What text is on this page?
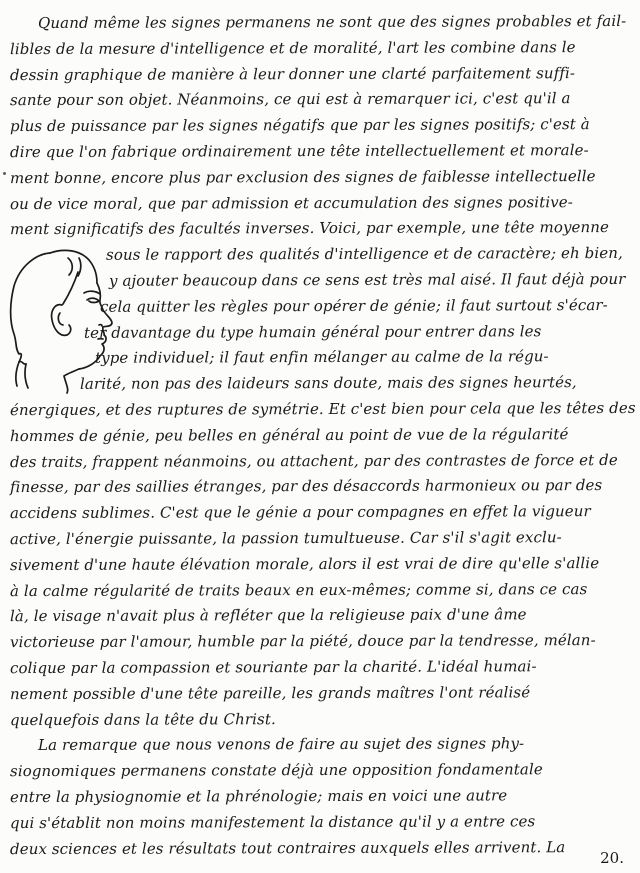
Quand même les signes permanens ne sont que des signes probables et fail-
libles de la mesure d'intelligence et de moralité, l'art les combine dans le
dessin graphique de manière à leur donner une clarté parfaitement suffi-
sante pour son objet. Néanmoins, ce qui est à remarquer ici, c'est qu'il a
plus de puissance par les signes négatifs que par les signes positifs; c'est à
dire que l'on fabrique ordinairement une tête intellectuellement et morale-
ment bonne, encore plus par exclusion des signes de faiblesse intellectuelle
ou de vice moral, que par admission et accumulation des signes positive-
ment significatifs des facultés inverses. Voici, par exemple, une tête moyenne
sous le rapport des qualités d'intelligence et de caractère; eh bien,
y ajouter beaucoup dans ce sens est très mal aisé. Il faut déjà pour
cela quitter les règles pour opérer de génie; il faut surtout s'écar-
ter davantage du type humain général pour entrer dans les
type individuel; il faut enfin mélanger au calme de la régu-
larité, non pas des laideurs sans doute, mais des signes heurtés,
énergiques, et des ruptures de symétrie. Et c'est bien pour cela que les têtes des
hommes de génie, peu belles en général au point de vue de la régularité
des traits, frappent néanmoins, ou attachent, par des contrastes de force et de
finesse, par des saillies étranges, par des désaccords harmonieux ou par des
accidens sublimes. C'est que le génie a pour compagnes en effet la vigueur
active, l'énergie puissante, la passion tumultueuse. Car s'il s'agit exclu-
sivement d'une haute élévation morale, alors il est vrai de dire qu'elle s'allie
à la calme régularité de traits beaux en eux-mêmes; comme si, dans ce cas
là, le visage n'avait plus à refléter que la religieuse paix d'une âme
victorieuse par l'amour, humble par la piété, douce par la tendresse, mélan-
colique par la compassion et souriante par la charité. L'idéal humai-
nement possible d'une tête pareille, les grands maîtres l'ont réalisé
quelquefois dans la tête du Christ.
La remarque que nous venons de faire au sujet des signes phy-
siognomiques permanens constate déjà une opposition fondamentale
entre la physiognomie et la phrénologie; mais en voici une autre
qui s'établit non moins manifestement la distance qu'il y a entre ces
deux sciences et les résultats tout contraires auxquels elles arrivent. La
20.
